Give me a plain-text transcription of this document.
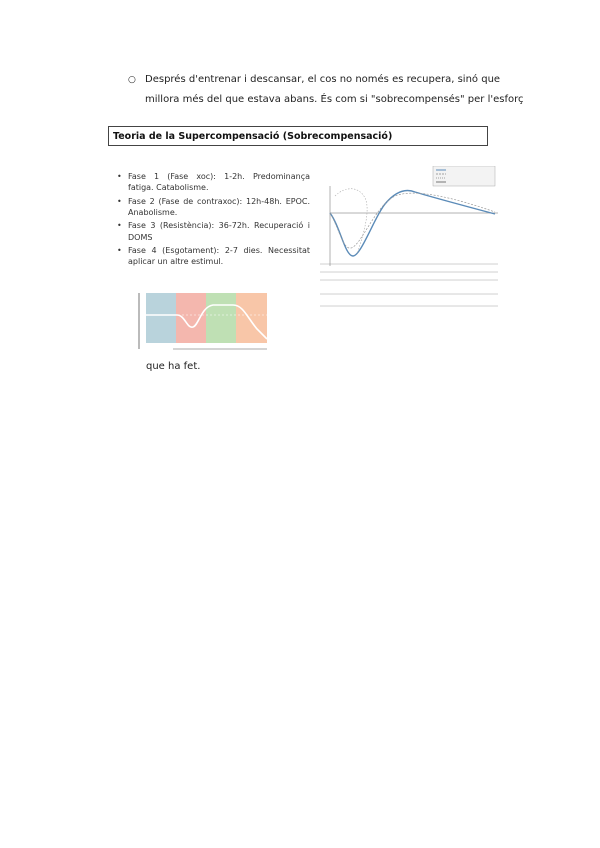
○ Després d'entrenar i descansar, el cos no només es recupera, sinó que
millora més del que estava abans. És com si "sobrecompensés" per l'esforç
Teoria de la Supercompensació (Sobrecompensació)
• Fase 1 (Fase xoc): 1-2h. Predominança fatiga. Catabolisme.
• Fase 2 (Fase de contraxoc): 12h-48h. EPOC. Anabolisme.
• Fase 3 (Resistència): 36-72h. Recuperació i DOMS
• Fase 4 (Esgotament): 2-7 dies. Necessitat aplicar un altre estimul.
que ha fet.
